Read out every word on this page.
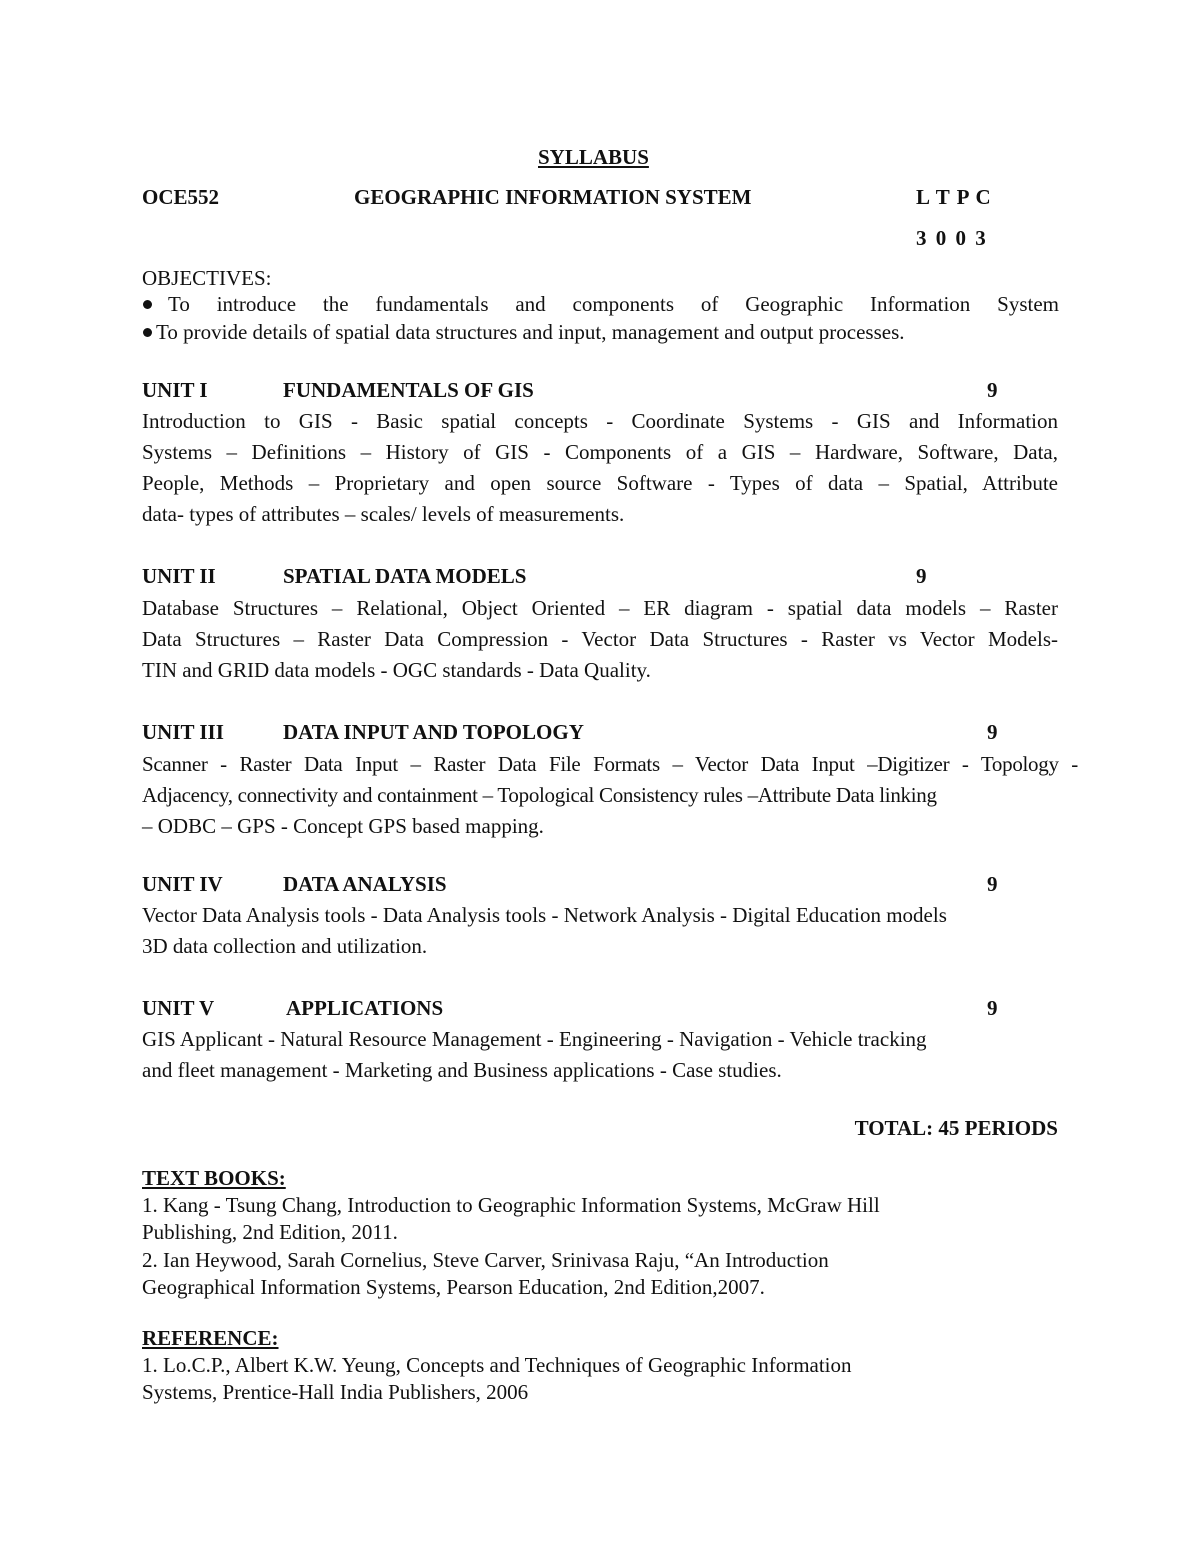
SYLLABUS
OCE552	GEOGRAPHIC INFORMATION SYSTEM	L T P C
3 0 0 3
OBJECTIVES:
To introduce the fundamentals and components of Geographic Information System
To provide details of spatial data structures and input, management and output processes.
UNIT I	FUNDAMENTALS OF GIS	9
Introduction to GIS - Basic spatial concepts - Coordinate Systems - GIS and Information
Systems – Definitions – History of GIS - Components of a GIS – Hardware, Software, Data,
People, Methods – Proprietary and open source Software - Types of data – Spatial, Attribute
data- types of attributes – scales/ levels of measurements.
UNIT II	SPATIAL DATA MODELS	9
Database Structures – Relational, Object Oriented – ER diagram - spatial data models – Raster
Data Structures – Raster Data Compression - Vector Data Structures - Raster vs Vector Models-
TIN and GRID data models - OGC standards - Data Quality.
UNIT III	DATA INPUT AND TOPOLOGY	9
Scanner - Raster Data Input – Raster Data File Formats – Vector Data Input –Digitizer - Topology -
Adjacency, connectivity and containment – Topological Consistency rules –Attribute Data linking
– ODBC – GPS - Concept GPS based mapping.
UNIT IV	DATA ANALYSIS	9
Vector Data Analysis tools - Data Analysis tools - Network Analysis - Digital Education models
3D data collection and utilization.
UNIT V	APPLICATIONS	9
GIS Applicant - Natural Resource Management - Engineering - Navigation - Vehicle tracking
and fleet management - Marketing and Business applications - Case studies.
TOTAL: 45 PERIODS
TEXT BOOKS:
1. Kang - Tsung Chang, Introduction to Geographic Information Systems, McGraw Hill
Publishing, 2nd Edition, 2011.
2. Ian Heywood, Sarah Cornelius, Steve Carver, Srinivasa Raju, “An Introduction
Geographical Information Systems, Pearson Education, 2nd Edition,2007.
REFERENCE:
1. Lo.C.P., Albert K.W. Yeung, Concepts and Techniques of Geographic Information
Systems, Prentice-Hall India Publishers, 2006
